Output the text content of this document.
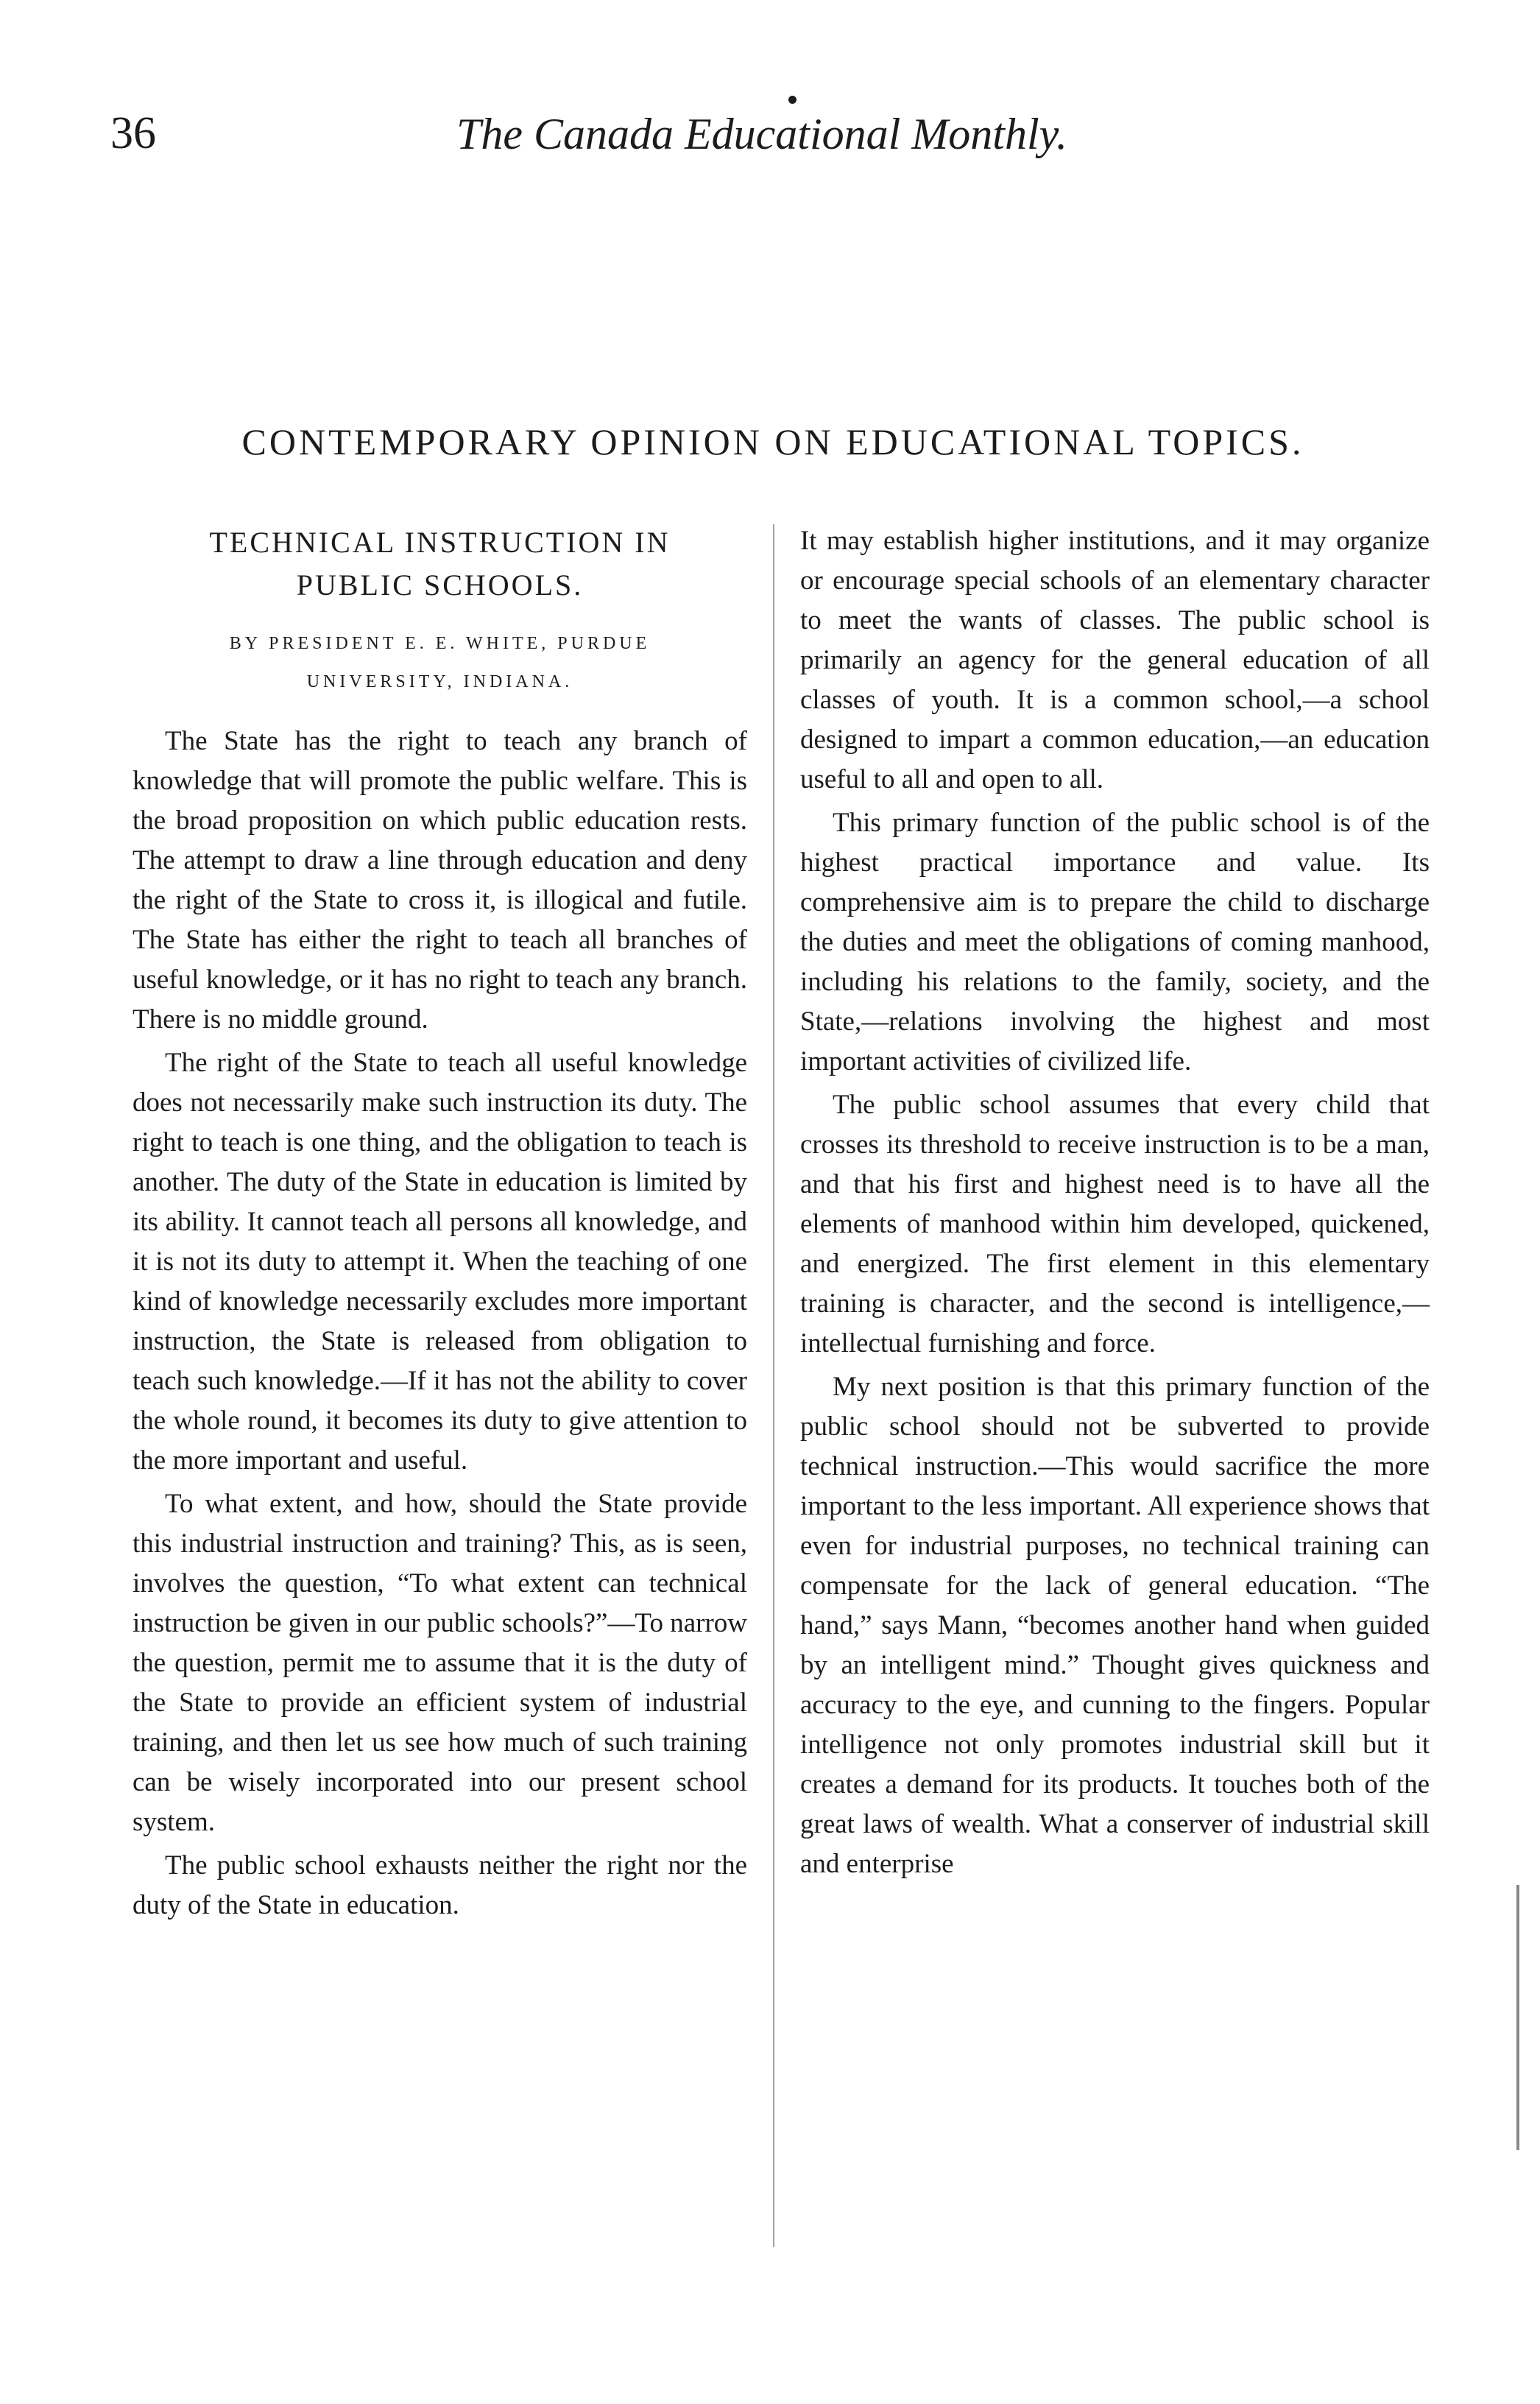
36	The Canada Educational Monthly.
CONTEMPORARY OPINION ON EDUCATIONAL TOPICS.
TECHNICAL INSTRUCTION IN
PUBLIC SCHOOLS.
BY PRESIDENT E. E. WHITE, PURDUE
UNIVERSITY, INDIANA.

The State has the right to teach any branch of knowledge that will promote the public welfare. This is the broad proposition on which public education rests. The attempt to draw a line through education and deny the right of the State to cross it, is illogical and futile. The State has either the right to teach all branches of useful knowledge, or it has no right to teach any branch. There is no middle ground.

The right of the State to teach all useful knowledge does not necessarily make such instruction its duty. The right to teach is one thing, and the obligation to teach is another. The duty of the State in education is limited by its ability. It cannot teach all persons all knowledge, and it is not its duty to attempt it. When the teaching of one kind of knowledge necessarily excludes more important instruction, the State is released from obligation to teach such knowledge.—If it has not the ability to cover the whole round, it becomes its duty to give attention to the more important and useful.

To what extent, and how, should the State provide this industrial instruction and training? This, as is seen, involves the question, “To what extent can technical instruction be given in our public schools?”—To narrow the question, permit me to assume that it is the duty of the State to provide an efficient system of industrial training, and then let us see how much of such training can be wisely incorporated into our present school system.

The public school exhausts neither the right nor the duty of the State in education.

It may establish higher institutions, and it may organize or encourage special schools of an elementary character to meet the wants of classes. The public school is primarily an agency for the general education of all classes of youth. It is a common school,—a school designed to impart a common education,—an education useful to all and open to all.

This primary function of the public school is of the highest practical importance and value. Its comprehensive aim is to prepare the child to discharge the duties and meet the obligations of coming manhood, including his relations to the family, society, and the State,—relations involving the highest and most important activities of civilized life.

The public school assumes that every child that crosses its threshold to receive instruction is to be a man, and that his first and highest need is to have all the elements of manhood within him developed, quickened, and energized. The first element in this elementary training is character, and the second is intelligence,—intellectual furnishing and force.

My next position is that this primary function of the public school should not be subverted to provide technical instruction.—This would sacrifice the more important to the less important. All experience shows that even for industrial purposes, no technical training can compensate for the lack of general education. “The hand,” says Mann, “becomes another hand when guided by an intelligent mind.” Thought gives quickness and accuracy to the eye, and cunning to the fingers. Popular intelligence not only promotes industrial skill but it creates a demand for its products. It touches both of the great laws of wealth. What a conserver of industrial skill and enterprise
